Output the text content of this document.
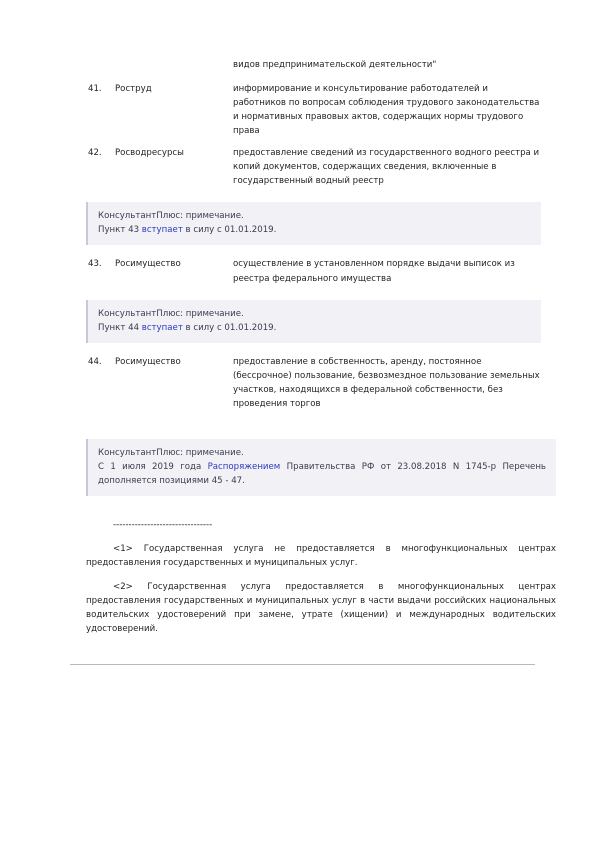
видов предпринимательской деятельности"
41.	Роструд	информирование и консультирование работодателей и работников по вопросам соблюдения трудового законодательства и нормативных правовых актов, содержащих нормы трудового права
42.	Росводресурсы	предоставление сведений из государственного водного реестра и копий документов, содержащих сведения, включенные в государственный водный реестр
КонсультантПлюс: примечание.
Пункт 43 вступает в силу с 01.01.2019.
43.	Росимущество	осуществление в установленном порядке выдачи выписок из реестра федерального имущества
КонсультантПлюс: примечание.
Пункт 44 вступает в силу с 01.01.2019.
44.	Росимущество	предоставление в собственность, аренду, постоянное (бессрочное) пользование, безвозмездное пользование земельных участков, находящихся в федеральной собственности, без проведения торгов
КонсультантПлюс: примечание.
С 1 июля 2019 года Распоряжением Правительства РФ от 23.08.2018 N 1745-р Перечень дополняется позициями 45 - 47.
--------------------------------

<1> Государственная услуга не предоставляется в многофункциональных центрах предоставления государственных и муниципальных услуг.

<2> Государственная услуга предоставляется в многофункциональных центрах предоставления государственных и муниципальных услуг в части выдачи российских национальных водительских удостоверений при замене, утрате (хищении) и международных водительских удостоверений.
